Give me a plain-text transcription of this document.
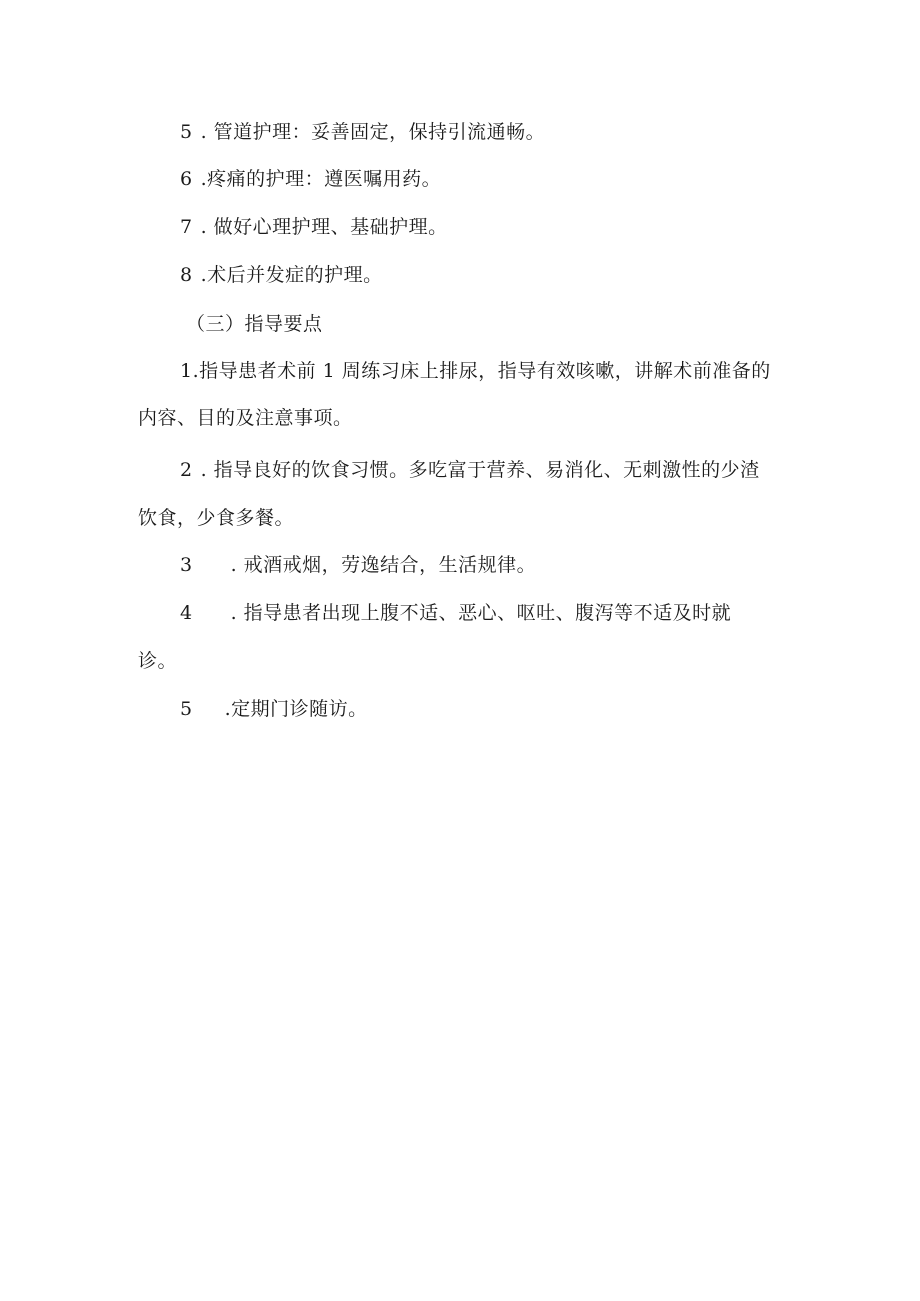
5 . 管道护理：妥善固定，保持引流通畅。
6 .疼痛的护理：遵医嘱用药。
7 . 做好心理护理、基础护理。
8 .术后并发症的护理。
（三）指导要点
1.指导患者术前 1 周练习床上排尿，指导有效咳嗽，讲解术前准备的
内容、目的及注意事项。
2 . 指导良好的饮食习惯。多吃富于营养、易消化、无刺激性的少渣
饮食，少食多餐。
3 . 戒酒戒烟，劳逸结合，生活规律。
4 . 指导患者出现上腹不适、恶心、呕吐、腹泻等不适及时就
诊。
5 .定期门诊随访。
